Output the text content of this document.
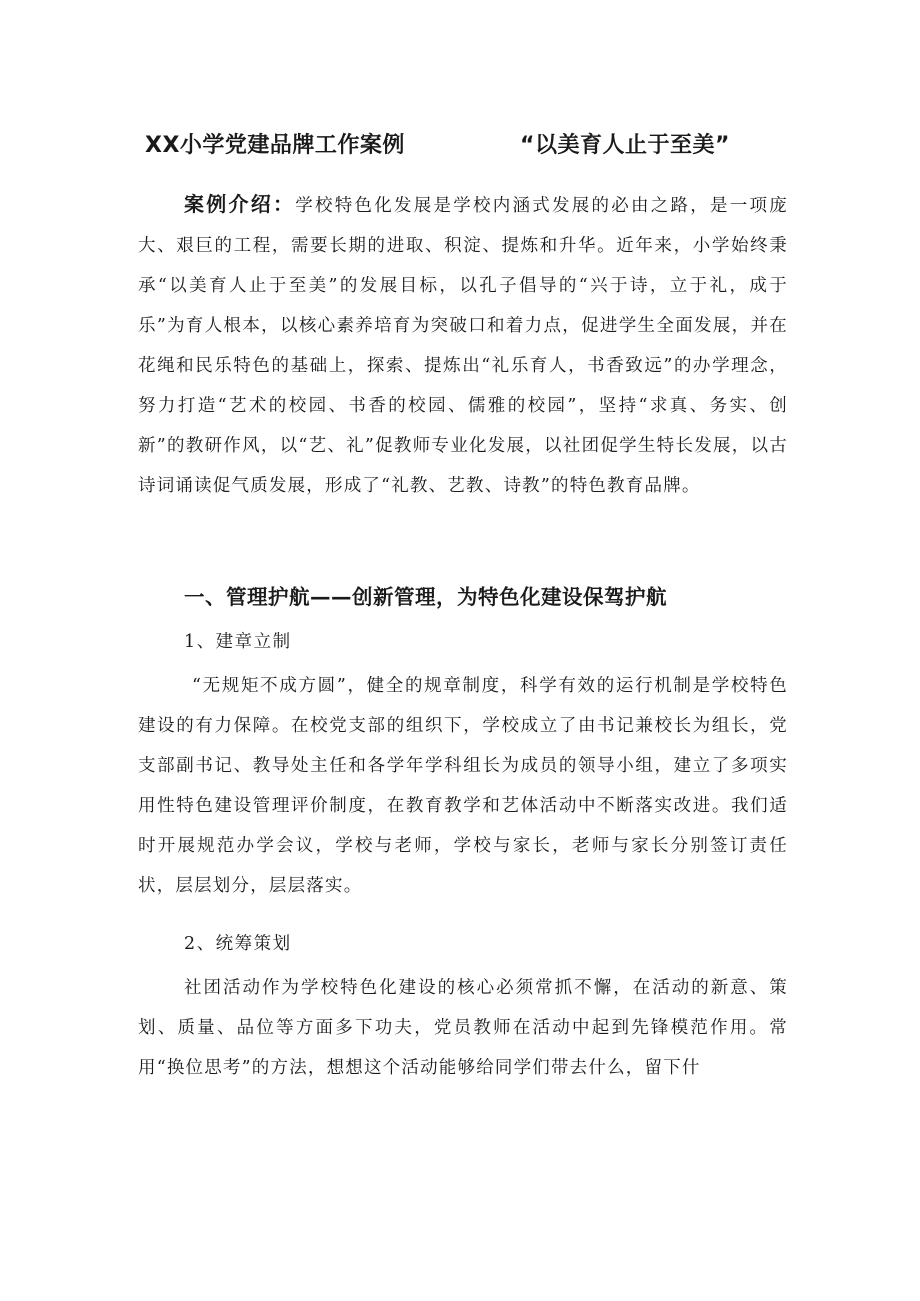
XX小学党建品牌工作案例	“以美育人止于至美”

案例介绍：学校特色化发展是学校内涵式发展的必由之路，是一项庞大、艰巨的工程，需要长期的进取、积淀、提炼和升华。近年来，小学始终秉承“以美育人止于至美”的发展目标，以孔子倡导的“兴于诗，立于礼，成于乐”为育人根本，以核心素养培育为突破口和着力点，促进学生全面发展，并在花绳和民乐特色的基础上，探索、提炼出“礼乐育人，书香致远”的办学理念，努力打造“艺术的校园、书香的校园、儒雅的校园”，坚持“求真、务实、创新”的教研作风，以“艺、礼”促教师专业化发展，以社团促学生特长发展，以古诗词诵读促气质发展，形成了“礼教、艺教、诗教”的特色教育品牌。

一、管理护航——创新管理，为特色化建设保驾护航
1、建章立制

“无规矩不成方圆”，健全的规章制度，科学有效的运行机制是学校特色建设的有力保障。在校党支部的组织下，学校成立了由书记兼校长为组长，党支部副书记、教导处主任和各学年学科组长为成员的领导小组，建立了多项实用性特色建设管理评价制度，在教育教学和艺体活动中不断落实改进。我们适时开展规范办学会议，学校与老师，学校与家长，老师与家长分别签订责任状，层层划分，层层落实。

2、统筹策划

社团活动作为学校特色化建设的核心必须常抓不懈，在活动的新意、策划、质量、品位等方面多下功夫，党员教师在活动中起到先锋模范作用。常用“换位思考”的方法，想想这个活动能够给同学们带去什么，留下什
